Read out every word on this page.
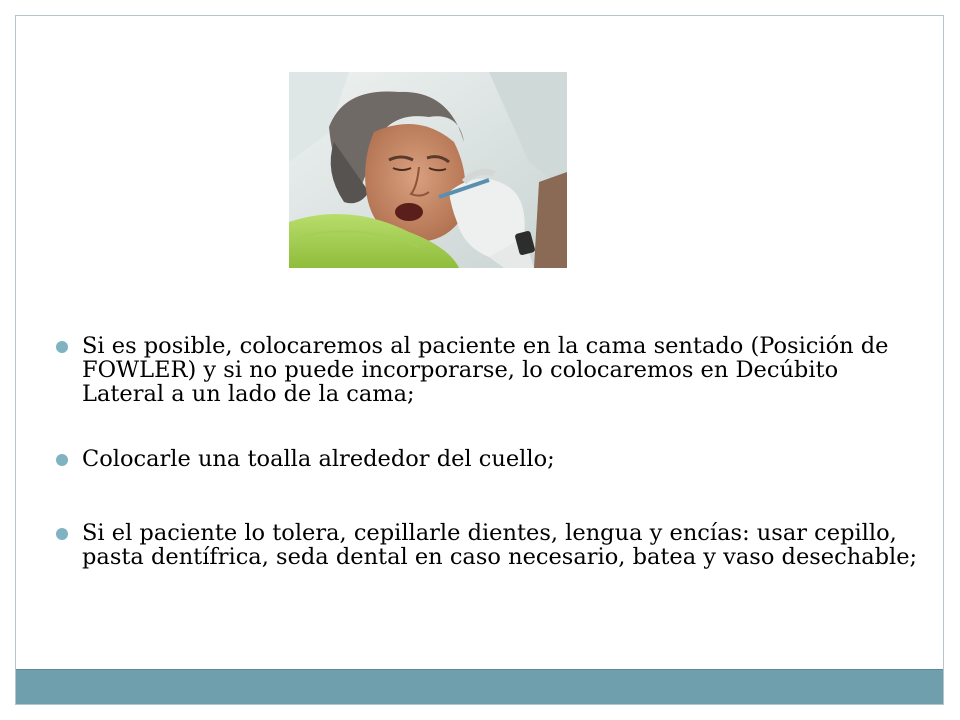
Si es posible, colocaremos al paciente en la cama sentado (Posición de FOWLER) y si no puede incorporarse, lo colocaremos en Decúbito Lateral a un lado de la cama;
Colocarle una toalla alrededor del cuello;
Si el paciente lo tolera, cepillarle dientes, lengua y encías: usar cepillo, pasta dentífrica, seda dental en caso necesario, batea y vaso desechable;
